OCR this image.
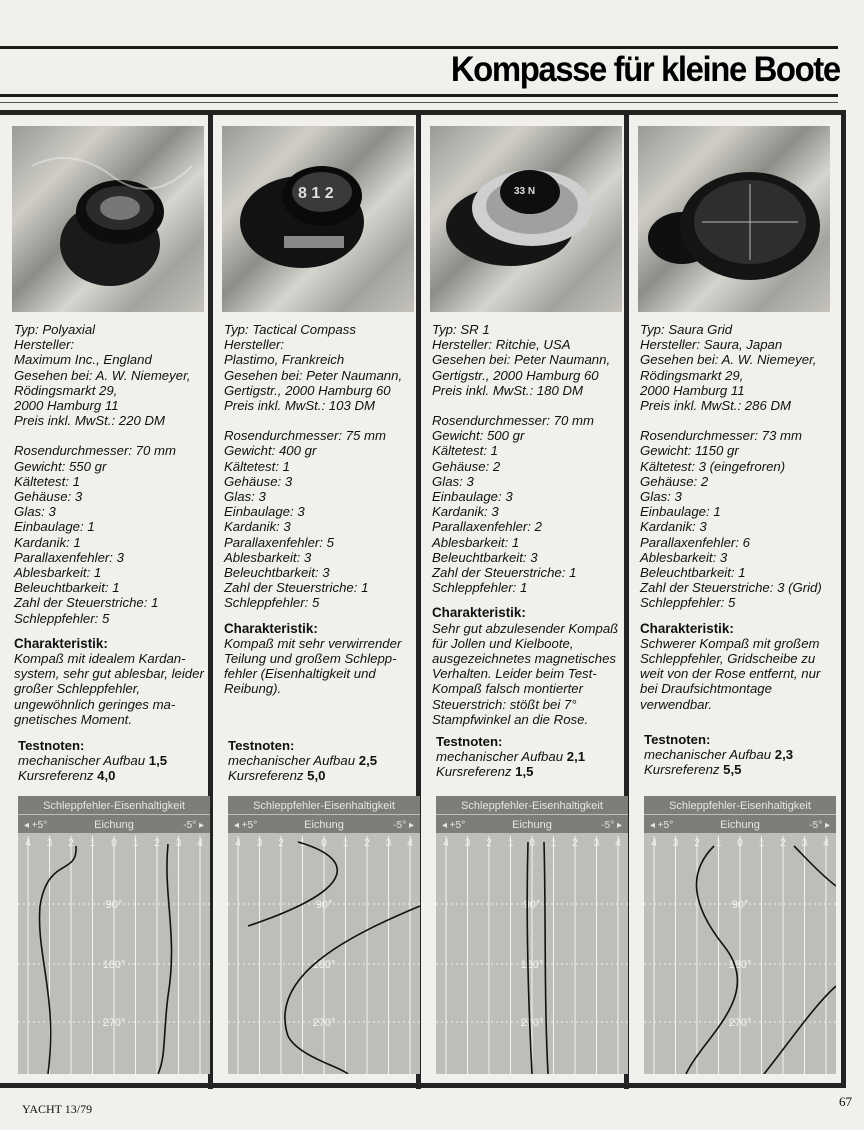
Kompasse für kleine Boote
Typ: Polyaxial
Hersteller:
Maximum Inc., England
Gesehen bei: A. W. Niemeyer,
Rödingsmarkt 29,
2000 Hamburg 11
Preis inkl. MwSt.: 220 DM
Rosendurchmesser: 70 mm
Gewicht: 550 gr
Kältetest: 1
Gehäuse: 3
Glas: 3
Einbaulage: 1
Kardanik: 1
Parallaxenfehler: 3
Ablesbarkeit: 1
Beleuchtbarkeit: 1
Zahl der Steuerstriche: 1
Schleppfehler: 5
Charakteristik:
Kompaß mit idealem Kardansystem, sehr gut ablesbar, leider großer Schleppfehler, ungewöhnlich geringes magnetisches Moment.
Testnoten:
mechanischer Aufbau 1,5
Kursreferenz 4,0
Schleppfehler-Eisenhaltigkeit
Eichung
◂ +5°	-5° ▸
4 3 2 1 0 1 2 3 4
90°
180°
270°
8 1 2
Typ: Tactical Compass
Hersteller:
Plastimo, Frankreich
Gesehen bei: Peter Naumann,
Gertigstr., 2000 Hamburg 60
Preis inkl. MwSt.: 103 DM
Rosendurchmesser: 75 mm
Gewicht: 400 gr
Kältetest: 1
Gehäuse: 3
Glas: 3
Einbaulage: 3
Kardanik: 3
Parallaxenfehler: 5
Ablesbarkeit: 3
Beleuchtbarkeit: 3
Zahl der Steuerstriche: 1
Schleppfehler: 5
Charakteristik:
Kompaß mit sehr verwirrender Teilung und großem Schleppfehler (Eisenhaltigkeit und Reibung).
Testnoten:
mechanischer Aufbau 2,5
Kursreferenz 5,0
Schleppfehler-Eisenhaltigkeit
Eichung
◂ +5°	-5° ▸
4 3 2 1 0 1 2 3 4
90°
180°
270°
33 N
Typ: SR 1
Hersteller: Ritchie, USA
Gesehen bei: Peter Naumann,
Gertigstr., 2000 Hamburg 60
Preis inkl. MwSt.: 180 DM
Rosendurchmesser: 70 mm
Gewicht: 500 gr
Kältetest: 1
Gehäuse: 2
Glas: 3
Einbaulage: 3
Kardanik: 3
Parallaxenfehler: 2
Ablesbarkeit: 1
Beleuchtbarkeit: 3
Zahl der Steuerstriche: 1
Schleppfehler: 1
Charakteristik:
Sehr gut abzulesender Kompaß für Jollen und Kielboote, ausgezeichnetes magnetisches Verhalten. Leider beim Test-Kompaß falsch montierter Steuerstrich: stößt bei 7° Stampfwinkel an die Rose.
Testnoten:
mechanischer Aufbau 2,1
Kursreferenz 1,5
Schleppfehler-Eisenhaltigkeit
Eichung
◂ +5°	-5° ▸
4 3 2 1 0 1 2 3 4
90°
180°
270°
Typ: Saura Grid
Hersteller: Saura, Japan
Gesehen bei: A. W. Niemeyer,
Rödingsmarkt 29,
2000 Hamburg 11
Preis inkl. MwSt.: 286 DM
Rosendurchmesser: 73 mm
Gewicht: 1150 gr
Kältetest: 3 (eingefroren)
Gehäuse: 2
Glas: 3
Einbaulage: 1
Kardanik: 3
Parallaxenfehler: 6
Ablesbarkeit: 3
Beleuchtbarkeit: 1
Zahl der Steuerstriche: 3 (Grid)
Schleppfehler: 5
Charakteristik:
Schwerer Kompaß mit großem Schleppfehler, Gridscheibe zu weit von der Rose entfernt, nur bei Draufsichtmontage verwendbar.
Testnoten:
mechanischer Aufbau 2,3
Kursreferenz 5,5
Schleppfehler-Eisenhaltigkeit
Eichung
◂ +5°	-5° ▸
4 3 2 1 0 1 2 3 4
90°
180°
270°
YACHT 13/79	67
